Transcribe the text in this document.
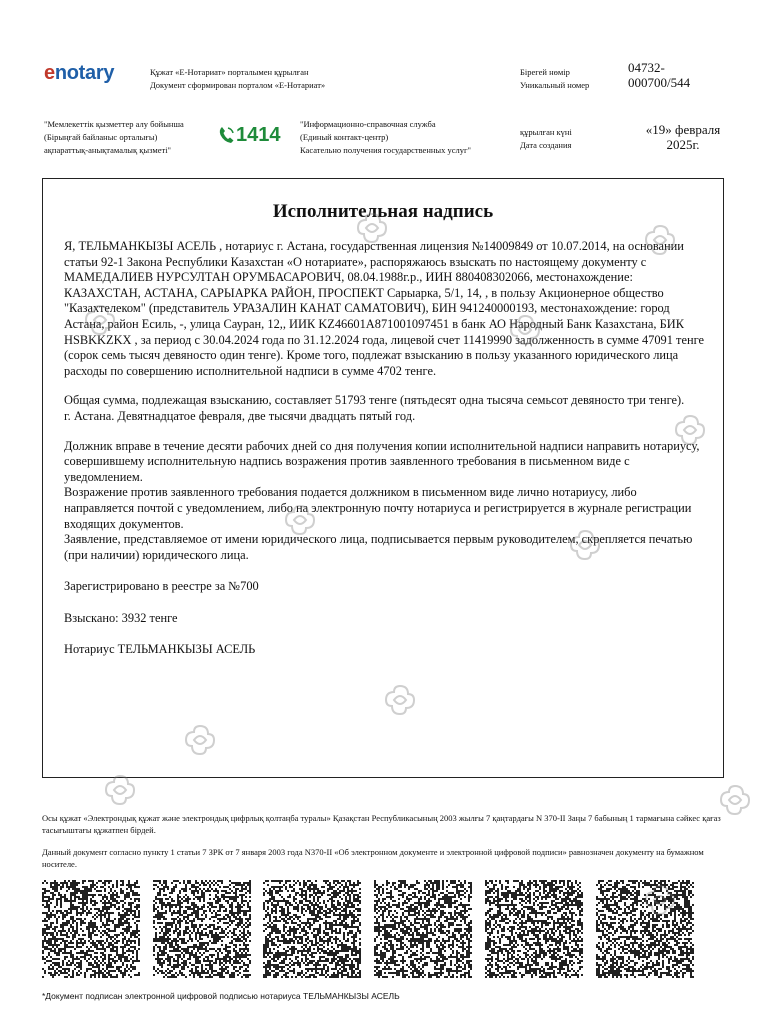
enotary	Құжат «Е-Нотариат» порталымен құрылған
Документ сформирован порталом «Е-Нотариат»
Бірегей нөмір
Уникальный номер
04732-
000700/544
"Мемлекеттік қызметтер алу бойынша
(Бірыңғай байланыс орталығы)
ақпараттық-анықтамалық қызметі"
1414 "Информационно-справочная служба
(Единый контакт-центр)
Касательно получения государственных услуг"
құрылған күні
Дата создания
«19» февраля
2025г.
Исполнительная надпись

Я, ТЕЛЬМАНКЫЗЫ АСЕЛЬ , нотариус г. Астана, государственная лицензия №14009849 от 10.07.2014, на основании статьи 92-1 Закона Республики Казахстан «О нотариате», распоряжаюсь взыскать по настоящему документу с МАМЕДАЛИЕВ НУРСУЛТАН ОРУМБАСАРОВИЧ, 08.04.1988г.р., ИИН 880408302066, местонахождение: КАЗАХСТАН, АСТАНА, САРЫАРКА РАЙОН, ПРОСПЕКТ Сарыарка, 5/1, 14, , в пользу Акционерное общество "Казахтелеком" (представитель УРАЗАЛИН КАНАТ САМАТОВИЧ), БИН 941240000193, местонахождение: город Астана, район Есиль, -, улица Сауран, 12,, ИИК KZ46601A871001097451 в банк АО Народный Банк Казахстана, БИК HSBKKZKX , за период с 30.04.2024 года по 31.12.2024 года, лицевой счет 11419990 задолженность в сумме 47091 тенге (сорок семь тысяч девяносто один тенге). Кроме того, подлежат взысканию в пользу указанного юридического лица расходы по совершению исполнительной надписи в сумме 4702 тенге.

Общая сумма, подлежащая взысканию, составляет 51793 тенге (пятьдесят одна тысяча семьсот девяносто три тенге).

г. Астана. Девятнадцатое февраля, две тысячи двадцать пятый год.

Должник вправе в течение десяти рабочих дней со дня получения копии исполнительной надписи направить нотариусу, совершившему исполнительную надпись возражения против заявленного требования в письменном виде с уведомлением.

Возражение против заявленного требования подается должником в письменном виде лично нотариусу, либо направляется почтой с уведомлением, либо на электронную почту нотариуса и регистрируется в журнале регистрации входящих документов.

Заявление, представляемое от имени юридического лица, подписывается первым руководителем, скрепляется печатью (при наличии) юридического лица.

Зарегистрировано в реестре за №700

Взыскано: 3932 тенге

Нотариус ТЕЛЬМАНКЫЗЫ АСЕЛЬ

Осы құжат «Электрондық құжат және электрондық цифрлық қолтаңба туралы» Қазақстан Республикасының 2003 жылғы 7 қаңтардағы N 370-II Заңы 7 бабының 1 тармағына сәйкес қағаз тасығыштағы құжатпен бірдей.
Данный документ согласно пункту 1 статьи 7 ЗРК от 7 января 2003 года N370-II «Об электронном документе и электронной цифровой подписи» равнозначен документу на бумажном носителе.
*Документ подписан электронной цифровой подписью нотариуса ТЕЛЬМАНКЫЗЫ АСЕЛЬ
